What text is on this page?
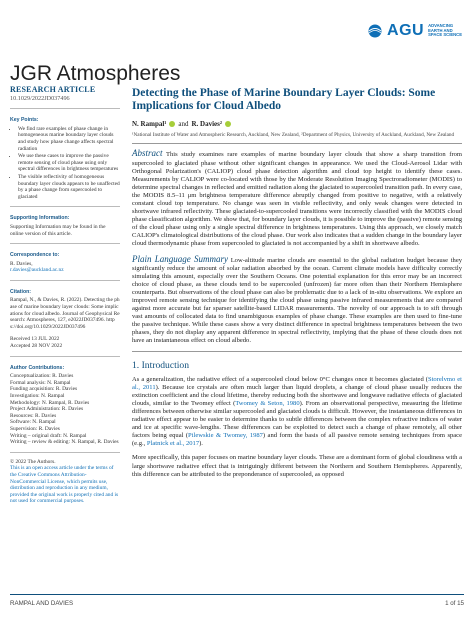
AGU ADVANCING
EARTH AND
SPACE SCIENCE
JGR Atmospheres
RESEARCH ARTICLE
10.1029/2022JD037496
Key Points:
• We find rare examples of phase change in homogeneous marine boundary layer clouds and study how phase change affects spectral radiation
• We use these cases to improve the passive remote sensing of cloud phase using only spectral differences in brightness temperatures
• The visible reflectivity of homogeneous boundary layer clouds appears to be unaffected by a phase change from supercooled to glaciated
Supporting Information:
Supporting Information may be found in the online version of this article.
Correspondence to:
R. Davies,
r.davies@auckland.ac.nz
Citation:
Rampal, N., & Davies, R. (2022). Detecting the phase of marine boundary layer clouds: Some implications for cloud albedo. Journal of Geophysical Research: Atmospheres, 127, e2022JD037496. https://doi.org/10.1029/2022JD037496
Received 13 JUL 2022
Accepted 28 NOV 2022
Author Contributions:
Conceptualization: R. Davies
Formal analysis: N. Rampal
Funding acquisition: R. Davies
Investigation: N. Rampal
Methodology: N. Rampal, R. Davies
Project Administration: R. Davies
Resources: R. Davies
Software: N. Rampal
Supervision: R. Davies
Writing – original draft: N. Rampal
Writing – review & editing: N. Rampal, R. Davies
© 2022 The Authors.
This is an open access article under the terms of the Creative Commons Attribution-NonCommercial License, which permits use, distribution and reproduction in any medium, provided the original work is properly cited and is not used for commercial purposes.
Detecting the Phase of Marine Boundary Layer Clouds: Some Implications for Cloud Albedo
N. Rampal¹ and R. Davies²
¹National Institute of Water and Atmospheric Research, Auckland, New Zealand, ²Department of Physics, University of Auckland, Auckland, New Zealand
Abstract This study examines rare examples of marine boundary layer clouds that show a sharp transition from supercooled to glaciated phase without other significant changes in appearance. We used the Cloud-Aerosol Lidar with Orthogonal Polarization's (CALIOP) cloud phase detection algorithm and cloud top height to identify these cases. Measurements by CALIOP were co-located with those by the Moderate Resolution Imaging Spectroradiometer (MODIS) to determine spectral changes in reflected and emitted radiation along the glaciated to supercooled transition path. In every case, the MODIS 8.5–11 μm brightness temperature difference abruptly changed from positive to negative, with a relatively constant cloud top temperature. No change was seen in visible reflectivity, and only weak changes were detected in shortwave infrared reflectivity. These glaciated-to-supercooled transitions were incorrectly classified with the MODIS cloud phase classification algorithm. We show that, for boundary layer clouds, it is possible to improve the (passive) remote sensing of the cloud phase using only a single spectral difference in brightness temperatures. Using this approach, we closely match CALIOP's climatological distributions of the cloud phase. Our work also indicates that a sudden change in the boundary layer cloud thermodynamic phase from supercooled to glaciated is not accompanied by a shift in shortwave albedo.
Plain Language Summary Low-altitude marine clouds are essential to the global radiation budget because they significantly reduce the amount of solar radiation absorbed by the ocean. Current climate models have difficulty correctly simulating this amount, especially over the Southern Oceans. One potential explanation for this error may be an incorrect choice of cloud phase, as these clouds tend to be supercooled (unfrozen) far more often than their Northern Hemisphere counterparts. But observations of the cloud phase can also be problematic due to a lack of in-situ observations. We explore an improved remote sensing technique for identifying the cloud phase using passive infrared measurements that are compared against more accurate but far sparser satellite-based LIDAR measurements. The novelty of our approach is to sift through vast amounts of collocated data to find unambiguous examples of phase change. These examples are then used to fine-tune the passive technique. While these cases show a very distinct difference in spectral brightness temperatures between the two phases, they do not display any apparent difference in spectral reflectivity, implying that the phase of these clouds does not have an instantaneous effect on cloud albedo.
1. Introduction
As a generalization, the radiative effect of a supercooled cloud below 0°C changes once it becomes glaciated (Storelvmo et al., 2011). Because ice crystals are often much larger than liquid droplets, a change of cloud phase usually reduces the extinction coefficient and the cloud lifetime, thereby reducing both the shortwave and longwave radiative effects of glaciated clouds, similar to the Twomey effect (Twomey & Seton, 1980). From an observational perspective, measuring the lifetime differences between otherwise similar supercooled and glaciated clouds is difficult. However, the instantaneous differences in radiative effect appear to be easier to determine thanks to subtle differences between the complex refractive indices of water and ice at specific wave-lengths. These differences can be exploited to detect such a change of phase remotely, all other factors being equal (Pilewskie & Twomey, 1987) and form the basis of all passive remote sensing techniques from space (e.g., Platnick et al., 2017).
More specifically, this paper focuses on marine boundary layer clouds. These are a dominant form of global cloudiness with a large shortwave radiative effect that is intriguingly different between the Northern and Southern Hemispheres. Apparently, this difference can be attributed to the preponderance of supercooled, as opposed
RAMPAL AND DAVIES	1 of 15
